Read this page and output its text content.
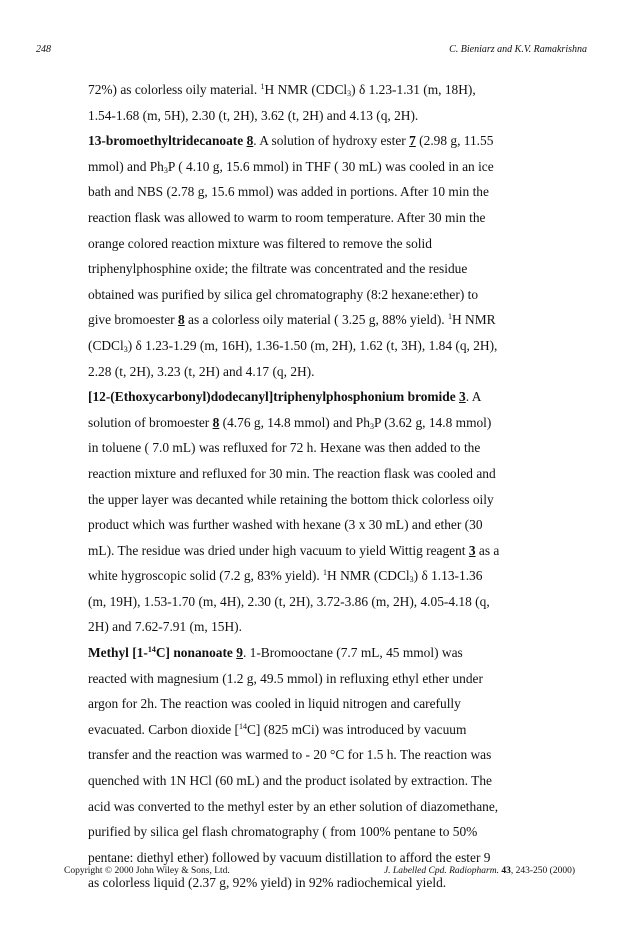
248	C. Bieniarz and K.V. Ramakrishna
72%) as colorless oily material. $^1$H NMR (CDCl$_3$) δ 1.23-1.31 (m, 18H),
1.54-1.68 (m, 5H), 2.30 (t, 2H), 3.62 (t, 2H) and 4.13 (q, 2H).
13-bromoethyltridecanoate 8. A solution of hydroxy ester 7 (2.98 g, 11.55
mmol) and $Ph_3P$ ( 4.10 g, 15.6 mmol) in THF ( 30 mL) was cooled in an ice
bath and NBS (2.78 g, 15.6 mmol) was added in portions. After 10 min the
reaction flask was allowed to warm to room temperature. After 30 min the
orange colored reaction mixture was filtered to remove the solid
triphenylphosphine oxide; the filtrate was concentrated and the residue
obtained was purified by silica gel chromatography (8:2 hexane:ether) to
give bromoester 8 as a colorless oily material ( 3.25 g, 88% yield). $^1$H NMR
(CDCl$_3$) δ 1.23-1.29 (m, 16H), 1.36-1.50 (m, 2H), 1.62 (t, 3H), 1.84 (q, 2H),
2.28 (t, 2H), 3.23 (t, 2H) and 4.17 (q, 2H).
[12-(Ethoxycarbonyl)dodecanyl]triphenylphosphonium bromide 3. A
solution of bromoester 8 (4.76 g, 14.8 mmol) and $Ph_3P$ (3.62 g, 14.8 mmol)
in toluene ( 7.0 mL) was refluxed for 72 h. Hexane was then added to the
reaction mixture and refluxed for 30 min. The reaction flask was cooled and
the upper layer was decanted while retaining the bottom thick colorless oily
product which was further washed with hexane (3 x 30 mL) and ether (30
mL). The residue was dried under high vacuum to yield Wittig reagent 3 as a
white hygroscopic solid (7.2 g, 83% yield). $^1$H NMR (CDCl$_3$) δ 1.13-1.36
(m, 19H), 1.53-1.70 (m, 4H), 2.30 (t, 2H), 3.72-3.86 (m, 2H), 4.05-4.18 (q,
2H) and 7.62-7.91 (m, 15H).
Methyl [1-$^{14}$C] nonanoate 9. 1-Bromooctane (7.7 mL, 45 mmol) was
reacted with magnesium (1.2 g, 49.5 mmol) in refluxing ethyl ether under
argon for 2h. The reaction was cooled in liquid nitrogen and carefully
evacuated. Carbon dioxide [$^{14}$C] (825 mCi) was introduced by vacuum
transfer and the reaction was warmed to - 20 °C for 1.5 h. The reaction was
quenched with 1N HCl (60 mL) and the product isolated by extraction. The
acid was converted to the methyl ester by an ether solution of diazomethane,
purified by silica gel flash chromatography ( from 100% pentane to 50%
pentane: diethyl ether) followed by vacuum distillation to afford the ester 9
as colorless liquid (2.37 g, 92% yield) in 92% radiochemical yield.
Copyright © 2000 John Wiley & Sons, Ltd.	J. Labelled Cpd. Radiopharm. 43, 243-250 (2000)
